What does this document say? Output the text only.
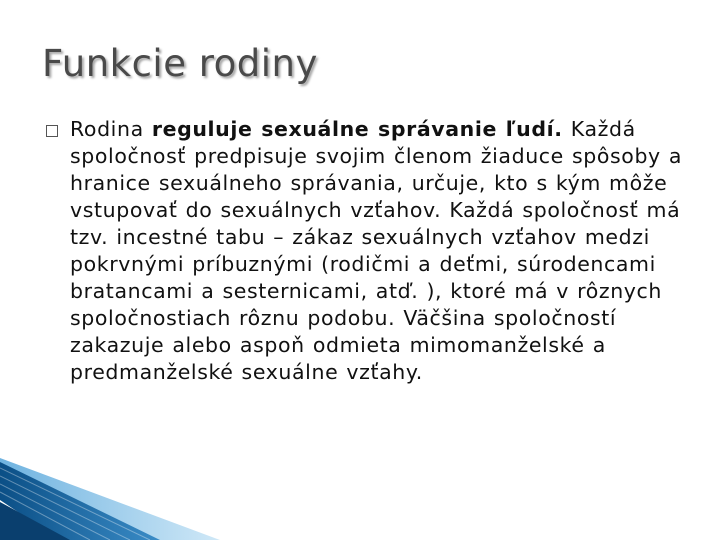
Funkcie rodiny

Rodina reguluje sexuálne správanie ľudí. Každá spoločnosť predpisuje svojim členom žiaduce spôsoby a hranice sexuálneho správania, určuje, kto s kým môže vstupovať do sexuálnych vzťahov. Každá spoločnosť má tzv. incestné tabu – zákaz sexuálnych vzťahov medzi pokrvnými príbuznými (rodičmi a deťmi, súrodencami bratancami a sesternicami, atď. ), ktoré má v rôznych spoločnostiach rôznu podobu. Väčšina spoločností zakazuje alebo aspoň odmieta mimomanželské a predmanželské sexuálne vzťahy.
